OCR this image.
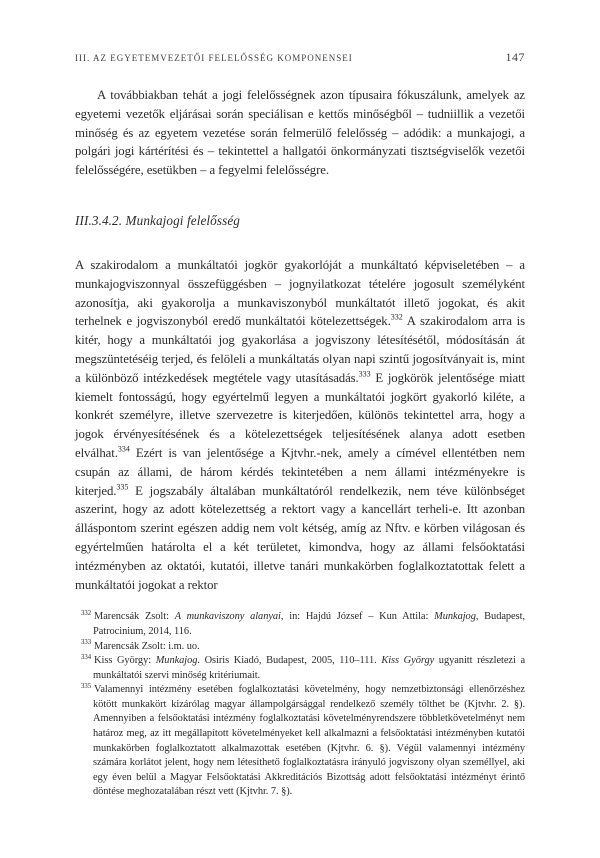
III. AZ EGYETEMVEZETŐI FELELŐSSÉG KOMPONENSEI	147

A továbbiakban tehát a jogi felelősségnek azon típusaira fókuszálunk, amelyek az egyetemi vezetők eljárásai során speciálisan e kettős minőségből – tudniillik a vezetői minőség és az egyetem vezetése során felmerülő felelősség – adódik: a munkajogi, a polgári jogi kártérítési és – tekintettel a hallgatói önkormányzati tisztségviselők vezetői felelősségére, esetükben – a fegyelmi felelősségre.

III.3.4.2. Munkajogi felelősség

A szakirodalom a munkáltatói jogkör gyakorlóját a munkáltató képviseletében – a munkajogviszonnyal összefüggésben – jognyilatkozat tételére jogosult személyként azonosítja, aki gyakorolja a munkaviszonyból munkáltatót illető jogokat, és akit terhelnek e jogviszonyból eredő munkáltatói kötelezettségek.$^{332}$ A szakirodalom arra is kitér, hogy a munkáltatói jog gyakorlása a jogviszony létesítésétől, módosításán át megszüntetéséig terjed, és felöleli a munkáltatás olyan napi szintű jogosítványait is, mint a különböző intézkedések megtétele vagy utasításadás.$^{333}$ E jogkörök jelentősége miatt kiemelt fontosságú, hogy egyértelmű legyen a munkáltatói jogkört gyakorló kiléte, a konkrét személyre, illetve szervezetre is kiterjedően, különös tekintettel arra, hogy a jogok érvényesítésének és a kötelezettségek teljesítésének alanya adott esetben elválhat.$^{334}$ Ezért is van jelentősége a Kjtvhr.-nek, amely a címével ellentétben nem csupán az állami, de három kérdés tekintetében a nem állami intézményekre is kiterjed.$^{335}$ E jogszabály általában munkáltatóról rendelkezik, nem téve különbséget aszerint, hogy az adott kötelezettség a rektort vagy a kancellárt terheli-e. Itt azonban álláspontom szerint egészen addig nem volt kétség, amíg az Nftv. e körben világosan és egyértelműen határolta el a két területet, kimondva, hogy az állami felsőoktatási intézményben az oktatói, kutatói, illetve tanári munkakörben foglalkoztatottak felett a munkáltatói jogokat a rektor

$^{332}$ Marencsák Zsolt: A munkaviszony alanyai, in: Hajdú József – Kun Attila: Munkajog, Budapest, Patrocinium, 2014, 116.

$^{333}$ Marencsák Zsolt: i.m. uo.

$^{334}$ Kiss György: Munkajog. Osiris Kiadó, Budapest, 2005, 110–111. Kiss György ugyanitt részletezi a munkáltatói szervi minőség kritériumait.

$^{335}$ Valamennyi intézmény esetében foglalkoztatási követelmény, hogy nemzetbiztonsági ellenőrzéshez kötött munkakört kizárólag magyar állampolgársággal rendelkező személy tölthet be (Kjtvhr. 2. §). Amennyiben a felsőoktatási intézmény foglalkoztatási követelményrendszere többletkövetelményt nem határoz meg, az itt megállapított követelményeket kell alkalmazni a felsőoktatási intézményben kutatói munkakörben foglalkoztatott alkalmazottak esetében (Kjtvhr. 6. §). Végül valamennyi intézmény számára korlátot jelent, hogy nem létesíthető foglalkoztatásra irányuló jogviszony olyan személlyel, aki egy éven belül a Magyar Felsőoktatási Akkreditációs Bizottság adott felsőoktatási intézményt érintő döntése meghozatalában részt vett (Kjtvhr. 7. §).
